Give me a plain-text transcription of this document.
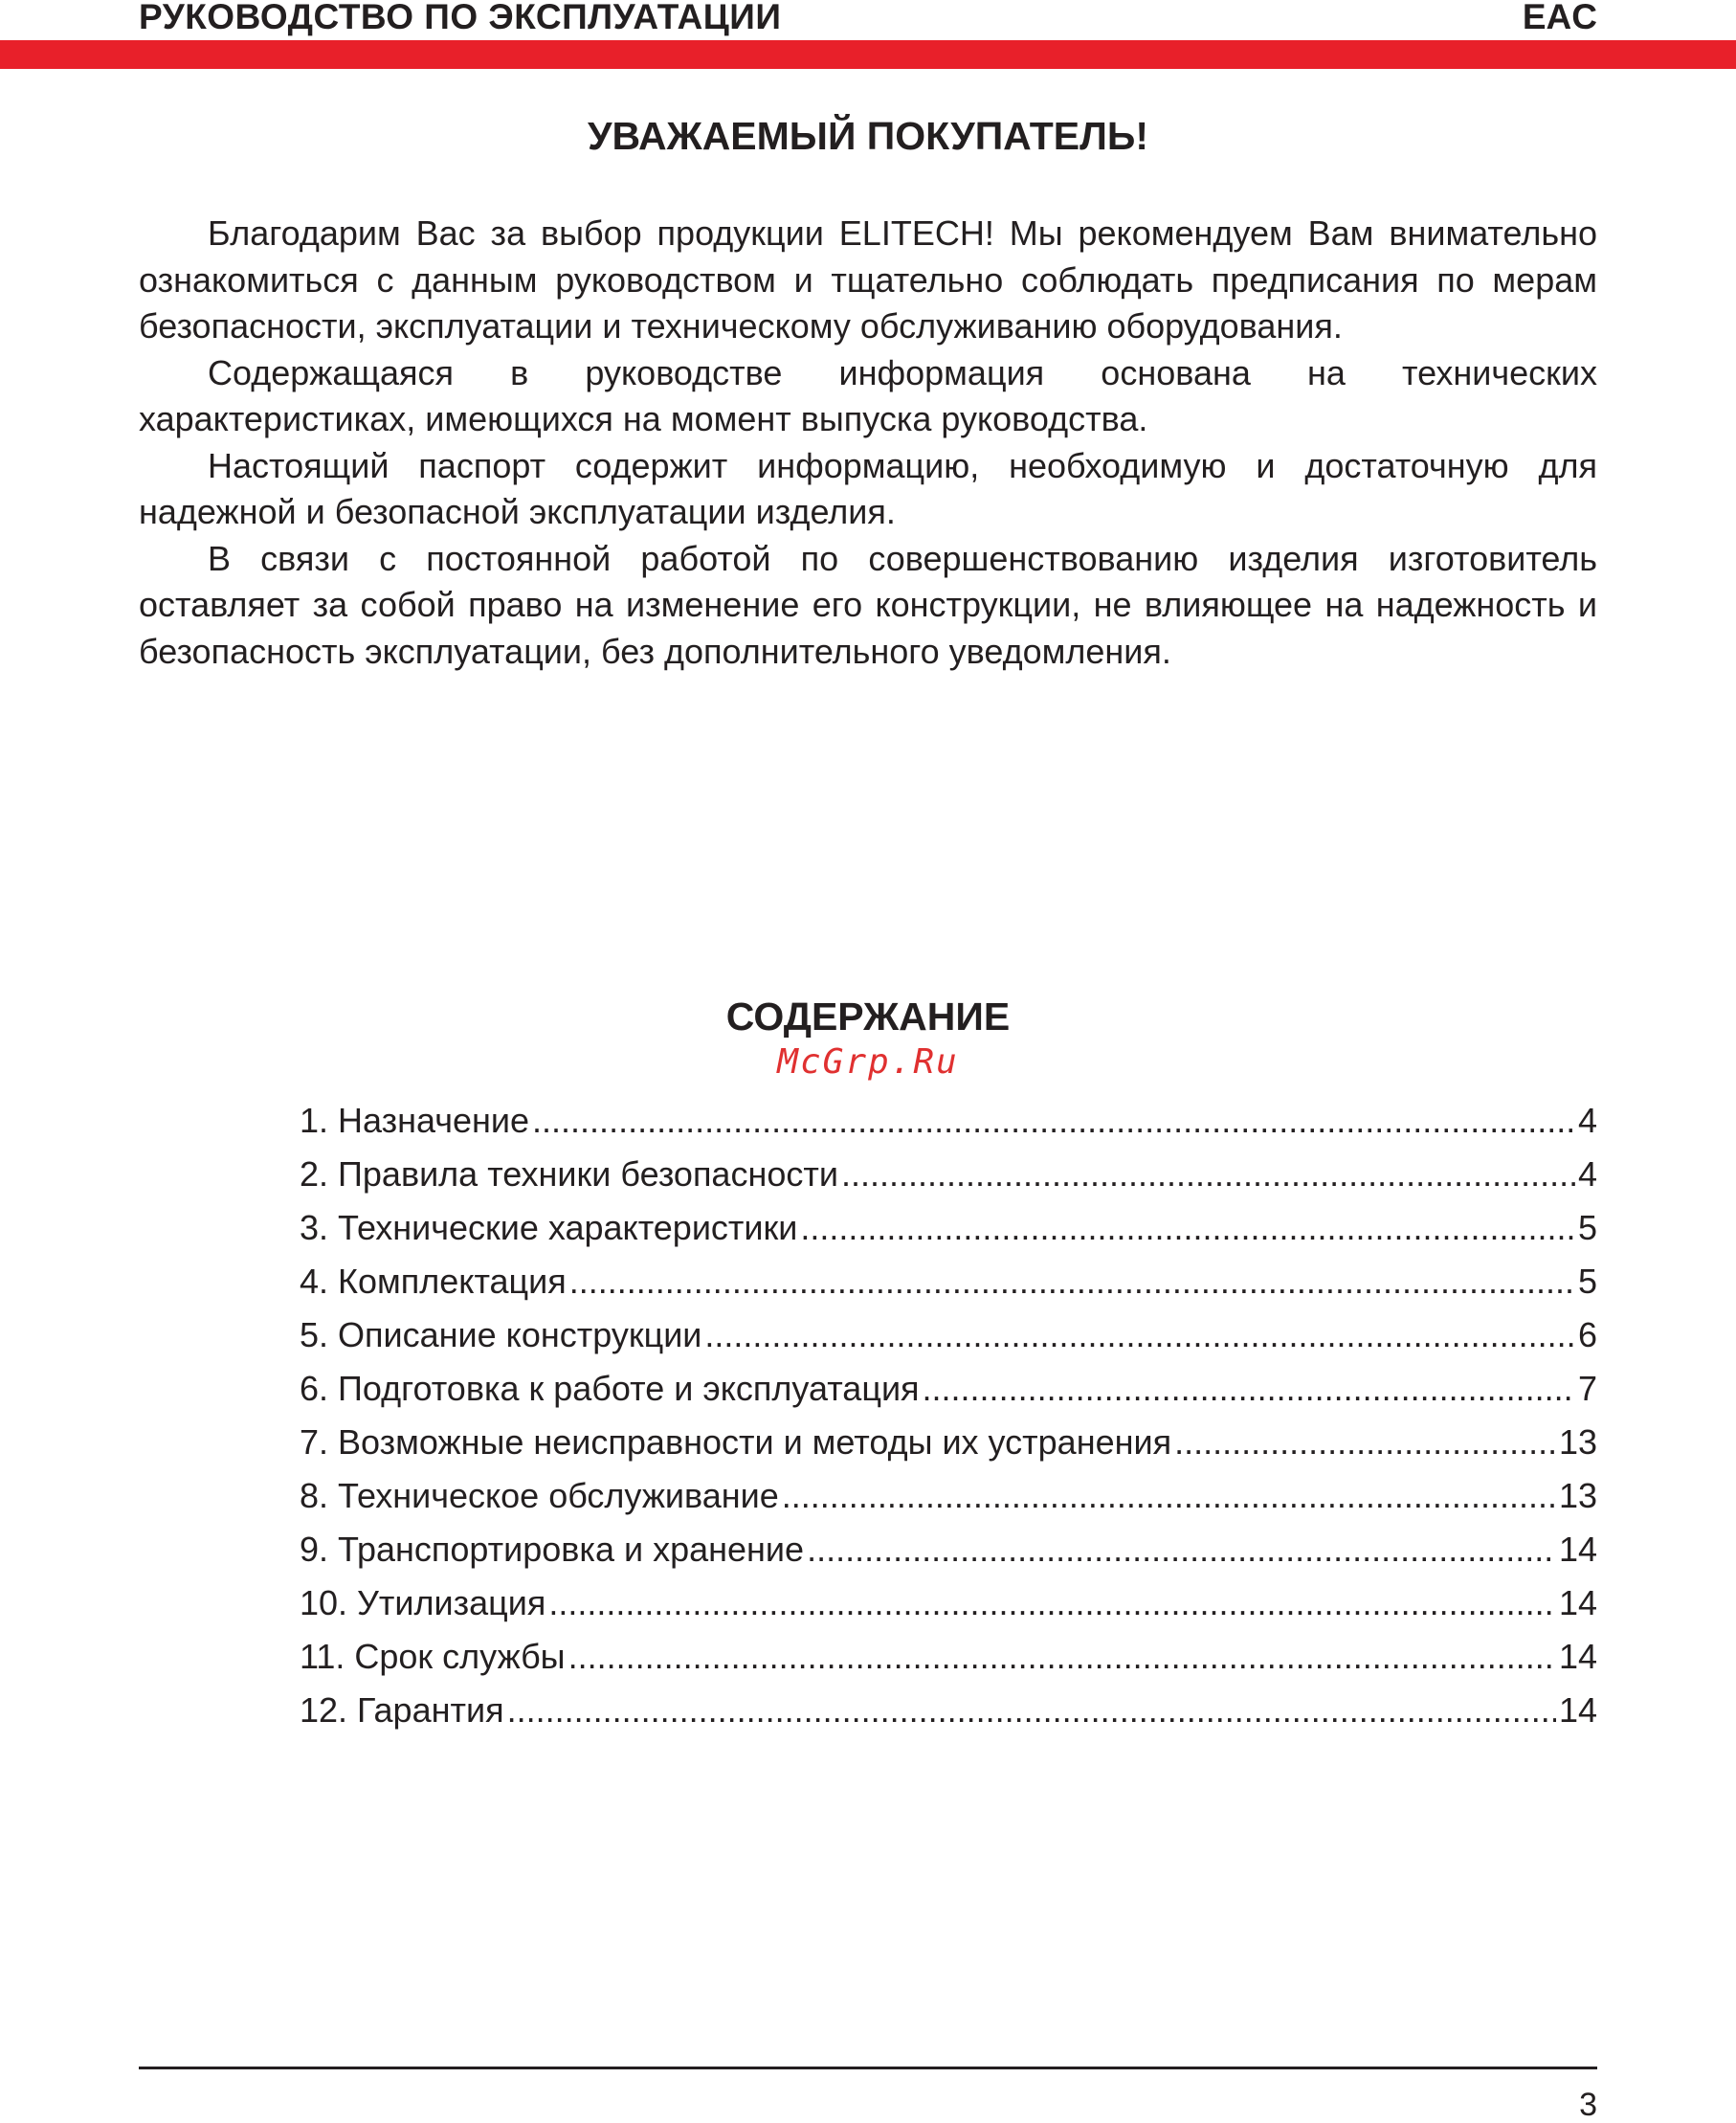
РУКОВОДСТВО ПО ЭКСПЛУАТАЦИИ	EAC
УВАЖАЕМЫЙ ПОКУПАТЕЛЬ!

Благодарим Вас за выбор продукции ELITECH! Мы рекомендуем Вам внимательно ознакомиться с данным руководством и тщательно соблюдать предписания по мерам безопасности, эксплуатации и техническому обслуживанию оборудования.

Содержащаяся в руководстве информация основана на технических характеристиках, имеющихся на момент выпуска руководства.

Настоящий паспорт содержит информацию, необходимую и достаточную для надежной и безопасной эксплуатации изделия.

В связи с постоянной работой по совершенствованию изделия изготовитель оставляет за собой право на изменение его конструкции, не влияющее на надежность и безопасность эксплуатации, без дополнительного уведомления.

СОДЕРЖАНИЕ
McGrp.Ru
1. Назначение .....	4
2. Правила техники безопасности .....	4
3. Технические характеристики .....	5
4. Комплектация .....	5
5. Описание конструкции .....	6
6. Подготовка к работе и эксплуатация .....	7
7. Возможные неисправности и методы их устранения .....	13
8. Техническое обслуживание .....	13
9. Транспортировка и хранение .....	14
10. Утилизация .....	14
11. Срок службы .....	14
12. Гарантия .....	14
3
